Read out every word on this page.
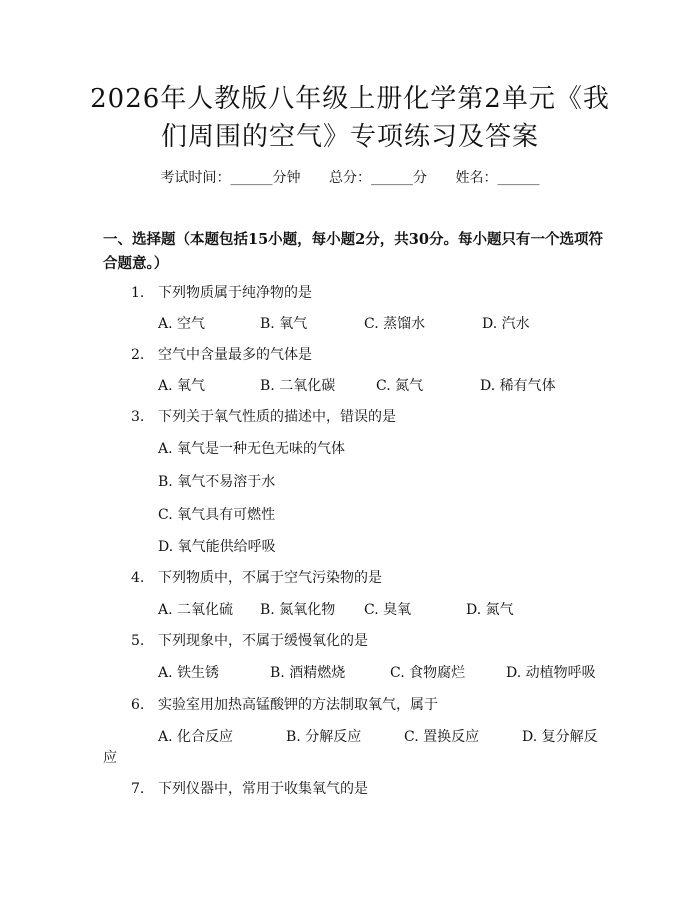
2026年人教版八年级上册化学第2单元《我
们周围的空气》专项练习及答案
考试时间：______分钟 总分：______分 姓名：______
一、选择题（本题包括15小题，每小题2分，共30分。每小题只有一个选项符合题意。）
1. 下列物质属于纯净物的是
A. 空气	B. 氧气	C. 蒸馏水	D. 汽水
2. 空气中含量最多的气体是
A. 氧气	B. 二氧化碳	C. 氮气	D. 稀有气体
3. 下列关于氧气性质的描述中，错误的是
A. 氧气是一种无色无味的气体
B. 氧气不易溶于水
C. 氧气具有可燃性
D. 氧气能供给呼吸
4. 下列物质中，不属于空气污染物的是
A. 二氧化硫 B. 氮氧化物 C. 臭氧	D. 氮气
5. 下列现象中，不属于缓慢氧化的是
A. 铁生锈	B. 酒精燃烧	C. 食物腐烂	D. 动植物呼吸
6. 实验室用加热高锰酸钾的方法制取氧气，属于
A. 化合反应	B. 分解反应	C. 置换反应	D. 复分解反
应
7. 下列仪器中，常用于收集氧气的是
